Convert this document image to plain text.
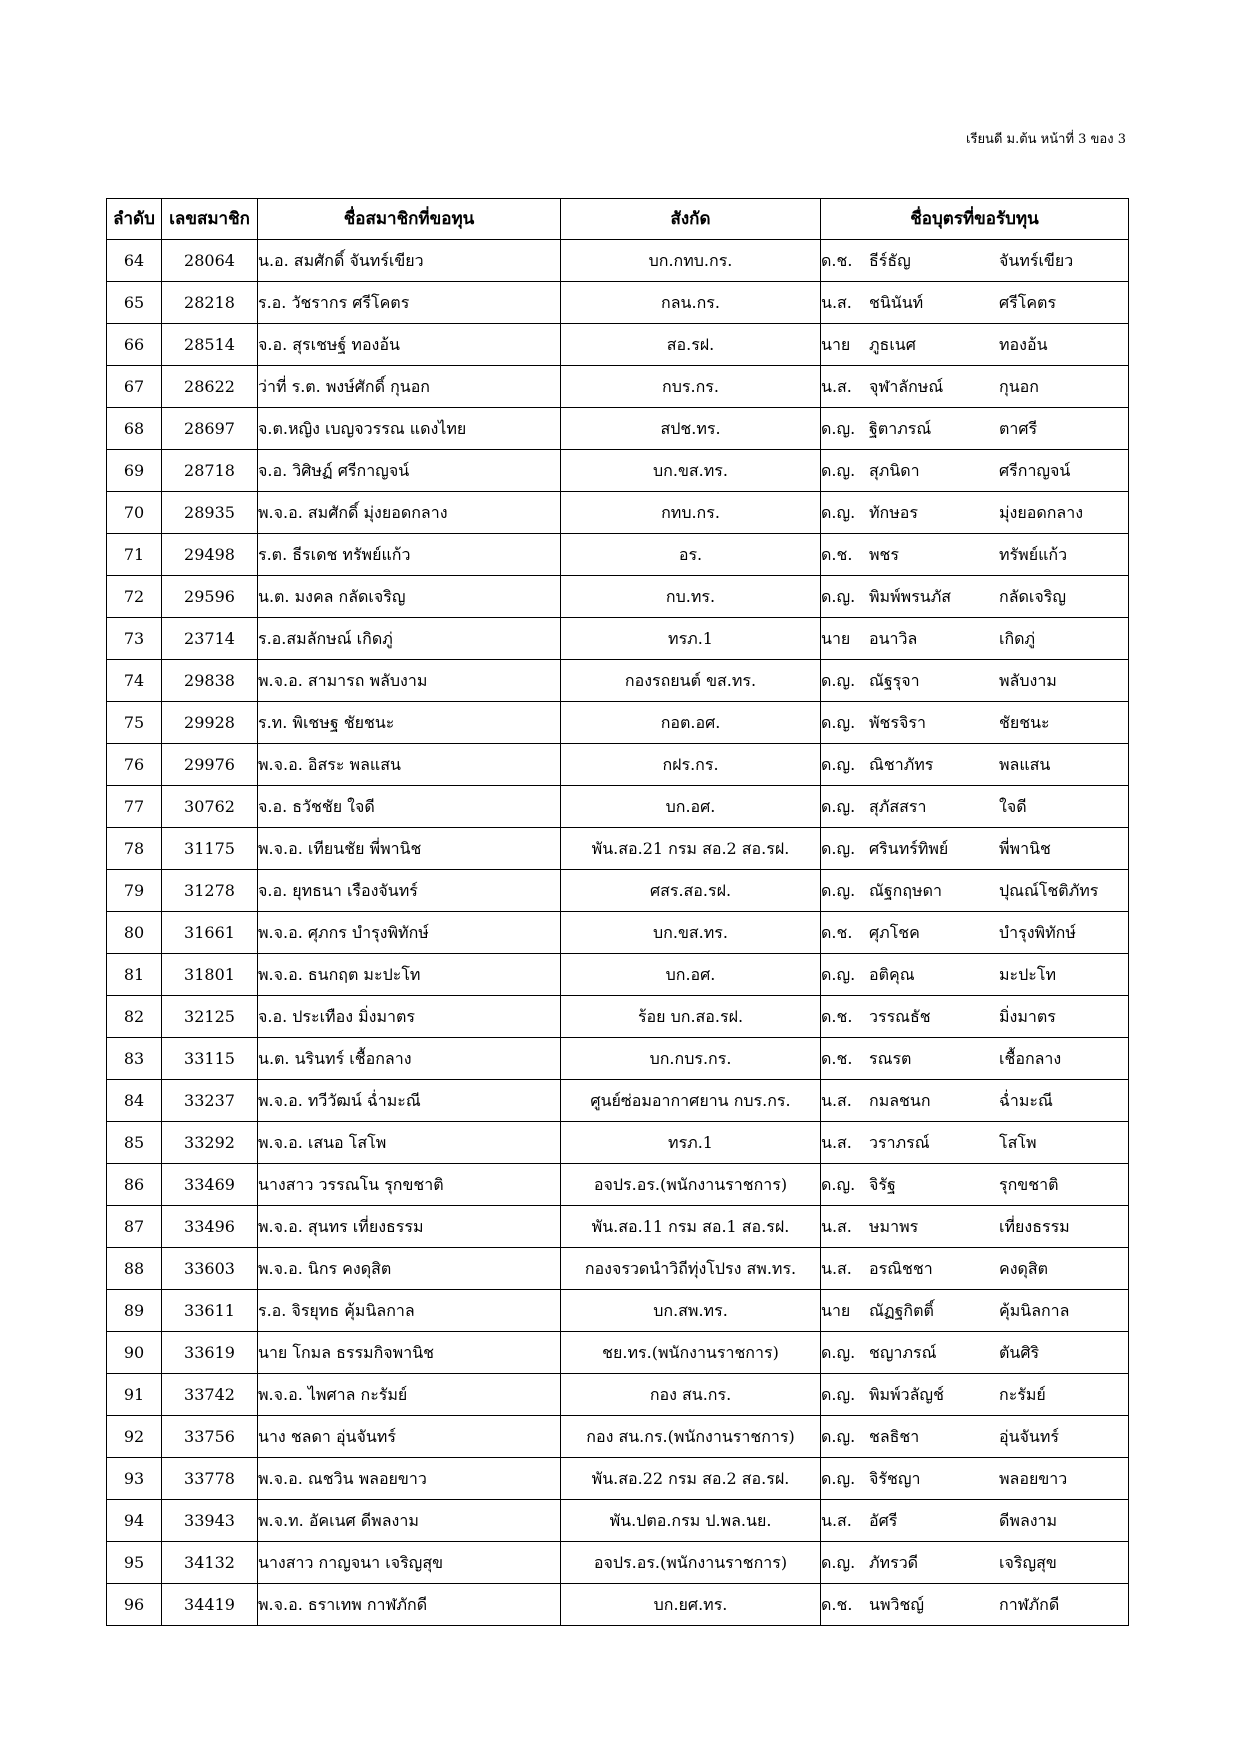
เรียนดี ม.ต้น หน้าที่ 3 ของ 3
ลำดับ	เลขสมาชิก	ชื่อสมาชิกที่ขอทุน	สังกัด	ชื่อบุตรที่ขอรับทุน
64	28064	น.อ. สมศักดิ์ จันทร์เขียว	บก.กทบ.กร.	ด.ช. ธีร์ธัญ จันทร์เขียว
65	28218	ร.อ. วัชรากร ศรีโคตร	กลน.กร.	น.ส. ชนินันท์ ศรีโคตร
66	28514	จ.อ. สุรเชษฐ์ ทองอ้น	สอ.รฝ.	นาย ภูธเนศ ทองอ้น
67	28622	ว่าที่ ร.ต. พงษ์ศักดิ์ กุนอก	กบร.กร.	น.ส. จุฬาลักษณ์ กุนอก
68	28697	จ.ต.หญิง เบญจวรรณ แดงไทย	สปช.ทร.	ด.ญ. ฐิตาภรณ์ ตาศรี
69	28718	จ.อ. วิศิษฏ์ ศรีกาญจน์	บก.ขส.ทร.	ด.ญ. สุภนิดา ศรีกาญจน์
70	28935	พ.จ.อ. สมศักดิ์ มุ่งยอดกลาง	กทบ.กร.	ด.ญ. ทักษอร มุ่งยอดกลาง
71	29498	ร.ต. ธีรเดช ทรัพย์แก้ว	อร.	ด.ช. พชร ทรัพย์แก้ว
72	29596	น.ต. มงคล กลัดเจริญ	กบ.ทร.	ด.ญ. พิมพ์พรนภัส กลัดเจริญ
73	23714	ร.อ.สมลักษณ์ เกิดภู่	ทรภ.1	นาย อนาวิล เกิดภู่
74	29838	พ.จ.อ. สามารถ พลับงาม	กองรถยนต์ ขส.ทร.	ด.ญ. ณัฐรุจา พลับงาม
75	29928	ร.ท. พิเชษฐ ชัยชนะ	กอต.อศ.	ด.ญ. พัชรจิรา ชัยชนะ
76	29976	พ.จ.อ. อิสระ พลแสน	กฝร.กร.	ด.ญ. ณิชาภัทร พลแสน
77	30762	จ.อ. ธวัชชัย ใจดี	บก.อศ.	ด.ญ. สุภัสสรา ใจดี
78	31175	พ.จ.อ. เทียนชัย พี่พานิช	พัน.สอ.21 กรม สอ.2 สอ.รฝ.	ด.ญ. ศรินทร์ทิพย์ พี่พานิช
79	31278	จ.อ. ยุทธนา เรืองจันทร์	ศสร.สอ.รฝ.	ด.ญ. ณัฐกฤษดา ปุณณ์โชติภัทร
80	31661	พ.จ.อ. ศุภกร บำรุงพิทักษ์	บก.ขส.ทร.	ด.ช. ศุภโชค บำรุงพิทักษ์
81	31801	พ.จ.อ. ธนกฤต มะปะโท	บก.อศ.	ด.ญ. อติคุณ มะปะโท
82	32125	จ.อ. ประเทือง มิ่งมาตร	ร้อย บก.สอ.รฝ.	ด.ช. วรรณธัช มิ่งมาตร
83	33115	น.ต. นรินทร์ เชื้อกลาง	บก.กบร.กร.	ด.ช. รณรต เชื้อกลาง
84	33237	พ.จ.อ. ทวีวัฒน์ ฉ่ำมะณี	ศูนย์ซ่อมอากาศยาน กบร.กร.	น.ส. กมลชนก ฉ่ำมะณี
85	33292	พ.จ.อ. เสนอ โสโพ	ทรภ.1	น.ส. วราภรณ์ โสโพ
86	33469	นางสาว วรรณโน รุกขชาติ	อจปร.อร.(พนักงานราชการ)	ด.ญ. จิรัฐ รุกขชาติ
87	33496	พ.จ.อ. สุนทร เที่ยงธรรม	พัน.สอ.11 กรม สอ.1 สอ.รฝ.	น.ส. ษมาพร เที่ยงธรรม
88	33603	พ.จ.อ. นิกร คงดุสิต	กองจรวดนำวิถีทุ่งโปรง สพ.ทร.	น.ส. อรณิชชา คงดุสิต
89	33611	ร.อ. จิรยุทธ คุ้มนิลกาล	บก.สพ.ทร.	นาย ณัฏฐกิตติ์ คุ้มนิลกาล
90	33619	นาย โกมล ธรรมกิจพานิช	ชย.ทร.(พนักงานราชการ)	ด.ญ. ชญาภรณ์ ตันศิริ
91	33742	พ.จ.อ. ไพศาล กะรัมย์	กอง สน.กร.	ด.ญ. พิมพ์วลัญช์ กะรัมย์
92	33756	นาง ชลดา อุ่นจันทร์	กอง สน.กร.(พนักงานราชการ)	ด.ญ. ชลธิชา อุ่นจันทร์
93	33778	พ.จ.อ. ณชวิน พลอยขาว	พัน.สอ.22 กรม สอ.2 สอ.รฝ.	ด.ญ. จิรัชญา พลอยขาว
94	33943	พ.จ.ท. อัคเนศ ดีพลงาม	พัน.ปตอ.กรม ป.พล.นย.	น.ส. อัศรี ดีพลงาม
95	34132	นางสาว กาญจนา เจริญสุข	อจปร.อร.(พนักงานราชการ)	ด.ญ. ภัทรวดี เจริญสุข
96	34419	พ.จ.อ. ธราเทพ กาฬภักดี	บก.ยศ.ทร.	ด.ช. นพวิชญ์ กาฬภักดี
